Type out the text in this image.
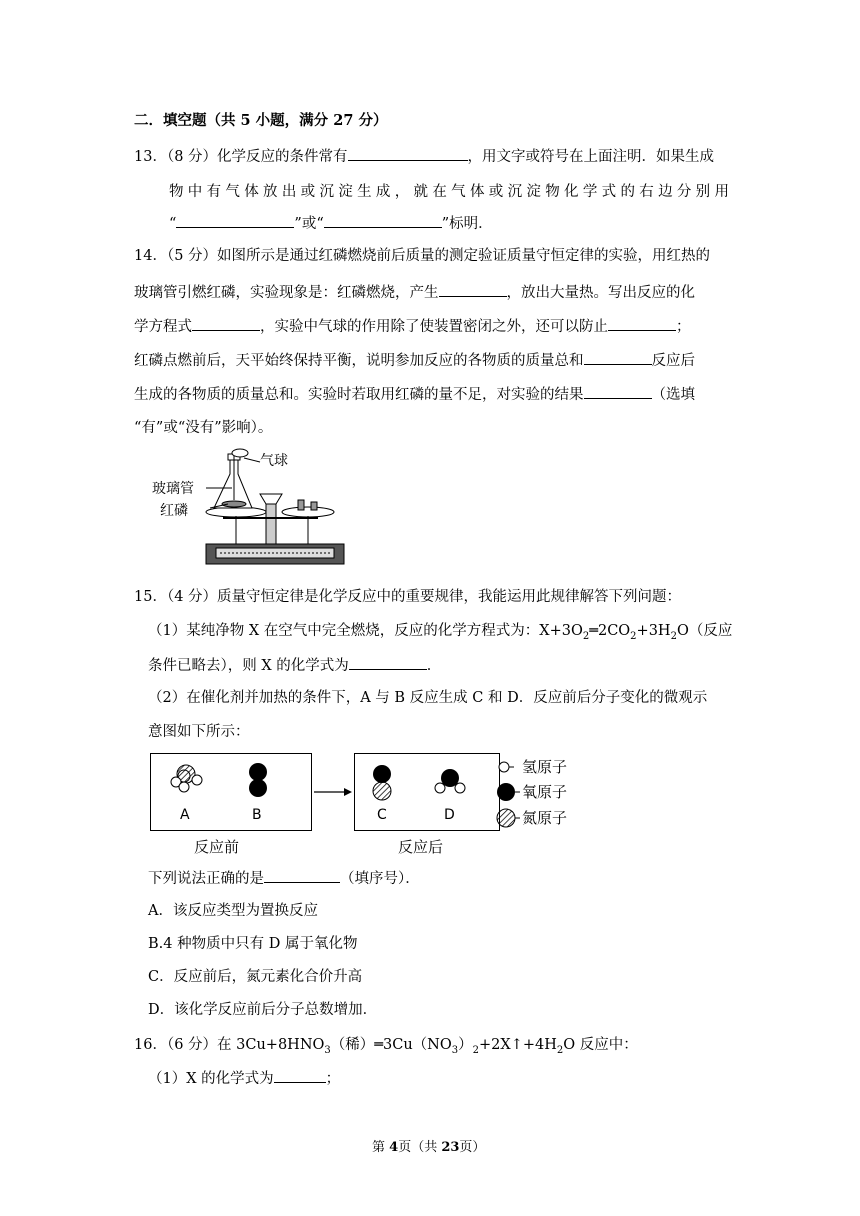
二．填空题（共 5 小题，满分 27 分）
13．（8 分）化学反应的条件常有	，用文字或符号在上面注明．如果生成
物中有气体放出或沉淀生成，就在气体或沉淀物化学式的右边分别用
“	”或“	”标明．
14．（5 分）如图所示是通过红磷燃烧前后质量的测定验证质量守恒定律的实验，用红热的
玻璃管引燃红磷，实验现象是：红磷燃烧，产生	，放出大量热。写出反应的化
学方程式	，实验中气球的作用除了使装置密闭之外，还可以防止	；
红磷点燃前后，天平始终保持平衡，说明参加反应的各物质的质量总和	反应后
生成的各物质的质量总和。实验时若取用红磷的量不足，对实验的结果	（选填
“有”或“没有”影响）。
气球
玻璃管
红磷
15．（4 分）质量守恒定律是化学反应中的重要规律，我能运用此规律解答下列问题：
（1）某纯净物 X 在空气中完全燃烧，反应的化学方程式为：$X+3O_2═2CO_2+3H_2O$（反应
条件已略去），则 X 的化学式为	．
（2）在催化剂并加热的条件下，A 与 B 反应生成 C 和 D．反应前后分子变化的微观示
意图如下所示：
A	B	C	D
反应前	反应后
氢原子
氧原子
氮原子
下列说法正确的是	（填序号）．
A．该反应类型为置换反应
B.4 种物质中只有 D 属于氧化物
C．反应前后，氮元素化合价升高
D．该化学反应前后分子总数增加．
16．（6 分）在 $3Cu+8HNO_3$（稀）$═3Cu(NO_3)_2+2X↑+4H_2O$ 反应中：
（1）X 的化学式为	；
第 4页（共 23页）
